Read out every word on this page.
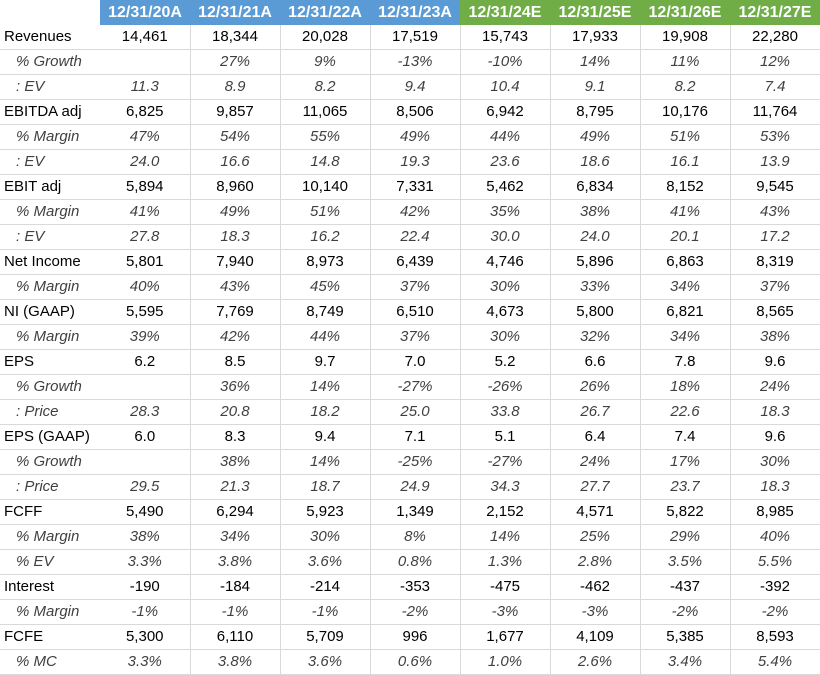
	12/31/20A	12/31/21A	12/31/22A	12/31/23A	12/31/24E	12/31/25E	12/31/26E	12/31/27E
Revenues	14,461	18,344	20,028	17,519	15,743	17,933	19,908	22,280
% Growth		27%	9%	-13%	-10%	14%	11%	12%
: EV	11.3	8.9	8.2	9.4	10.4	9.1	8.2	7.4
EBITDA adj	6,825	9,857	11,065	8,506	6,942	8,795	10,176	11,764
% Margin	47%	54%	55%	49%	44%	49%	51%	53%
: EV	24.0	16.6	14.8	19.3	23.6	18.6	16.1	13.9
EBIT adj	5,894	8,960	10,140	7,331	5,462	6,834	8,152	9,545
% Margin	41%	49%	51%	42%	35%	38%	41%	43%
: EV	27.8	18.3	16.2	22.4	30.0	24.0	20.1	17.2
Net Income	5,801	7,940	8,973	6,439	4,746	5,896	6,863	8,319
% Margin	40%	43%	45%	37%	30%	33%	34%	37%
NI (GAAP)	5,595	7,769	8,749	6,510	4,673	5,800	6,821	8,565
% Margin	39%	42%	44%	37%	30%	32%	34%	38%
EPS	6.2	8.5	9.7	7.0	5.2	6.6	7.8	9.6
% Growth		36%	14%	-27%	-26%	26%	18%	24%
: Price	28.3	20.8	18.2	25.0	33.8	26.7	22.6	18.3
EPS (GAAP)	6.0	8.3	9.4	7.1	5.1	6.4	7.4	9.6
% Growth		38%	14%	-25%	-27%	24%	17%	30%
: Price	29.5	21.3	18.7	24.9	34.3	27.7	23.7	18.3
FCFF	5,490	6,294	5,923	1,349	2,152	4,571	5,822	8,985
% Margin	38%	34%	30%	8%	14%	25%	29%	40%
% EV	3.3%	3.8%	3.6%	0.8%	1.3%	2.8%	3.5%	5.5%
Interest	-190	-184	-214	-353	-475	-462	-437	-392
% Margin	-1%	-1%	-1%	-2%	-3%	-3%	-2%	-2%
FCFE	5,300	6,110	5,709	996	1,677	4,109	5,385	8,593
% MC	3.3%	3.8%	3.6%	0.6%	1.0%	2.6%	3.4%	5.4%
